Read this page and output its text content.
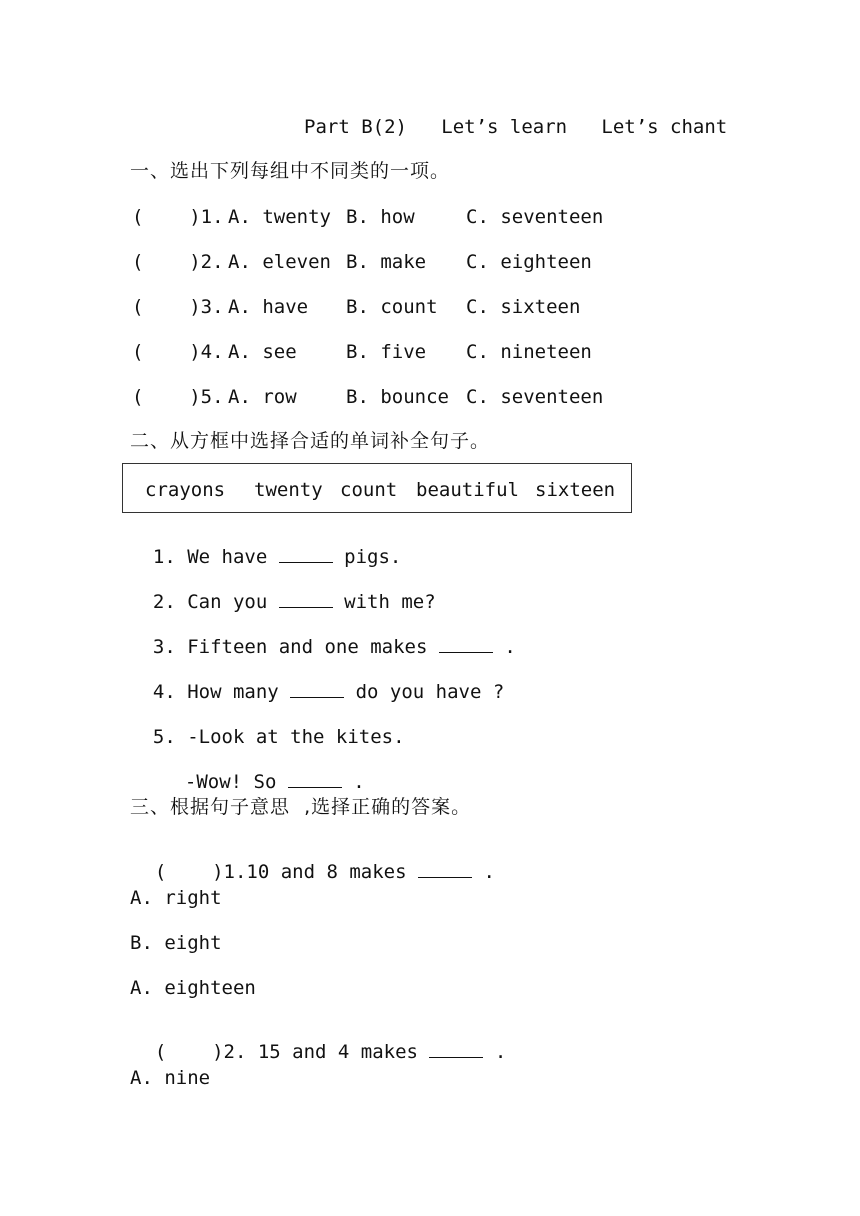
Part B(2)   Let’s learn   Let’s chant
一、选出下列每组中不同类的一项。
(    )1. A. twenty B. how	C. seventeen
(    )2. A. eleven B. make C. eighteen
(    )3. A. have B. count C. sixteen
(    )4. A. see	B. five C. nineteen
(    )5. A. row	B. bounce C. seventeen
二、从方框中选择合适的单词补全句子。
crayons twenty count beautiful sixteen

1. We have	pigs.

2. Can you	with me?

3. Fifteen and one makes	.

4. How many	do you have ?

5. -Look at the kites.

-Wow! So	.

三、根据句子意思  ,选择正确的答案。

(    )1.10 and 8 makes	.

A. right
B. eight
A. eighteen

(    )2. 15 and 4 makes	.

A. nine
